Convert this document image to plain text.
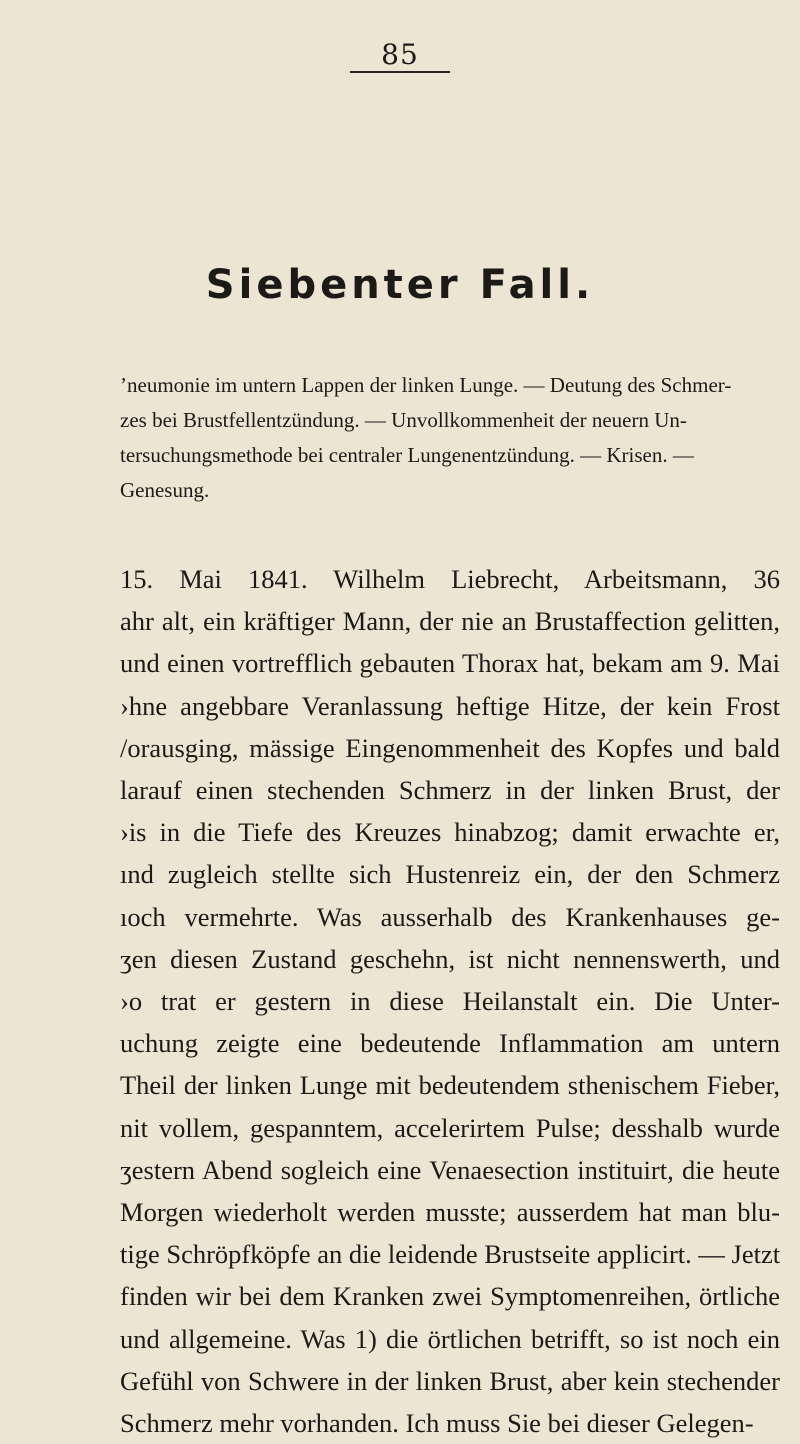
85
Siebenter Fall.
ʼneumonie im untern Lappen der linken Lunge. — Deutung des Schmer-
zes bei Brustfellentzündung. — Unvollkommenheit der neuern Un-
tersuchungsmethode bei centraler Lungenentzündung. — Krisen. —
Genesung.
15. Mai 1841. Wilhelm Liebrecht, Arbeitsmann, 36
ahr alt, ein kräftiger Mann, der nie an Brustaffection gelitten,
und einen vortrefflich gebauten Thorax hat, bekam am 9. Mai
›hne angebbare Veranlassung heftige Hitze, der kein Frost
/orausging, mässige Eingenommenheit des Kopfes und bald
larauf einen stechenden Schmerz in der linken Brust, der
›is in die Tiefe des Kreuzes hinabzog; damit erwachte er,
ınd zugleich stellte sich Hustenreiz ein, der den Schmerz
ıoch vermehrte. Was ausserhalb des Krankenhauses ge-
ʒen diesen Zustand geschehn, ist nicht nennenswerth, und
›o trat er gestern in diese Heilanstalt ein. Die Unter-
uchung zeigte eine bedeutende Inflammation am untern
Theil der linken Lunge mit bedeutendem sthenischem Fieber,
nit vollem, gespanntem, accelerirtem Pulse; desshalb wurde
ʒestern Abend sogleich eine Venaesection instituirt, die heute
Morgen wiederholt werden musste; ausserdem hat man blu-
tige Schröpfköpfe an die leidende Brustseite applicirt. — Jetzt
finden wir bei dem Kranken zwei Symptomenreihen, örtliche
und allgemeine. Was 1) die örtlichen betrifft, so ist noch ein
Gefühl von Schwere in der linken Brust, aber kein stechender
Schmerz mehr vorhanden. Ich muss Sie bei dieser Gelegen-
